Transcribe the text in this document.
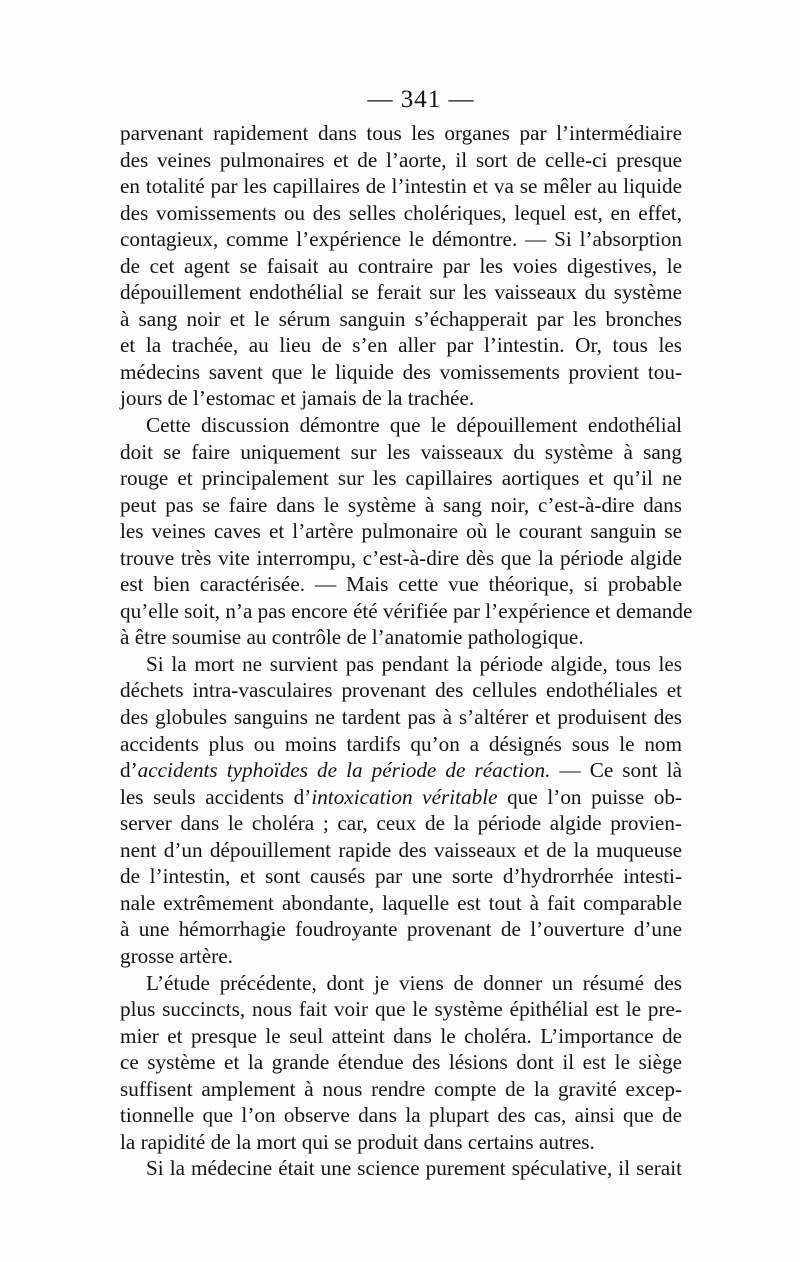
— 341 —

parvenant rapidement dans tous les organes par l’intermédiaire
des veines pulmonaires et de l’aorte, il sort de celle-ci presque
en totalité par les capillaires de l’intestin et va se mêler au liquide
des vomissements ou des selles cholériques, lequel est, en effet,
contagieux, comme l’expérience le démontre. — Si l’absorption
de cet agent se faisait au contraire par les voies digestives, le
dépouillement endothélial se ferait sur les vaisseaux du système
à sang noir et le sérum sanguin s’échapperait par les bronches
et la trachée, au lieu de s’en aller par l’intestin. Or, tous les
médecins savent que le liquide des vomissements provient tou-
jours de l’estomac et jamais de la trachée.

Cette discussion démontre que le dépouillement endothélial
doit se faire uniquement sur les vaisseaux du système à sang
rouge et principalement sur les capillaires aortiques et qu’il ne
peut pas se faire dans le système à sang noir, c’est-à-dire dans
les veines caves et l’artère pulmonaire où le courant sanguin se
trouve très vite interrompu, c’est-à-dire dès que la période algide
est bien caractérisée. — Mais cette vue théorique, si probable
qu’elle soit, n’a pas encore été vérifiée par l’expérience et demande
à être soumise au contrôle de l’anatomie pathologique.

Si la mort ne survient pas pendant la période algide, tous les
déchets intra-vasculaires provenant des cellules endothéliales et
des globules sanguins ne tardent pas à s’altérer et produisent des
accidents plus ou moins tardifs qu’on a désignés sous le nom
d’accidents typhoïdes de la période de réaction. — Ce sont là
les seuls accidents d’intoxication véritable que l’on puisse ob-
server dans le choléra ; car, ceux de la période algide provien-
nent d’un dépouillement rapide des vaisseaux et de la muqueuse
de l’intestin, et sont causés par une sorte d’hydrorrhée intesti-
nale extrêmement abondante, laquelle est tout à fait comparable
à une hémorrhagie foudroyante provenant de l’ouverture d’une
grosse artère.

L’étude précédente, dont je viens de donner un résumé des
plus succincts, nous fait voir que le système épithélial est le pre-
mier et presque le seul atteint dans le choléra. L’importance de
ce système et la grande étendue des lésions dont il est le siège
suffisent amplement à nous rendre compte de la gravité excep-
tionnelle que l’on observe dans la plupart des cas, ainsi que de
la rapidité de la mort qui se produit dans certains autres.

Si la médecine était une science purement spéculative, il serait
